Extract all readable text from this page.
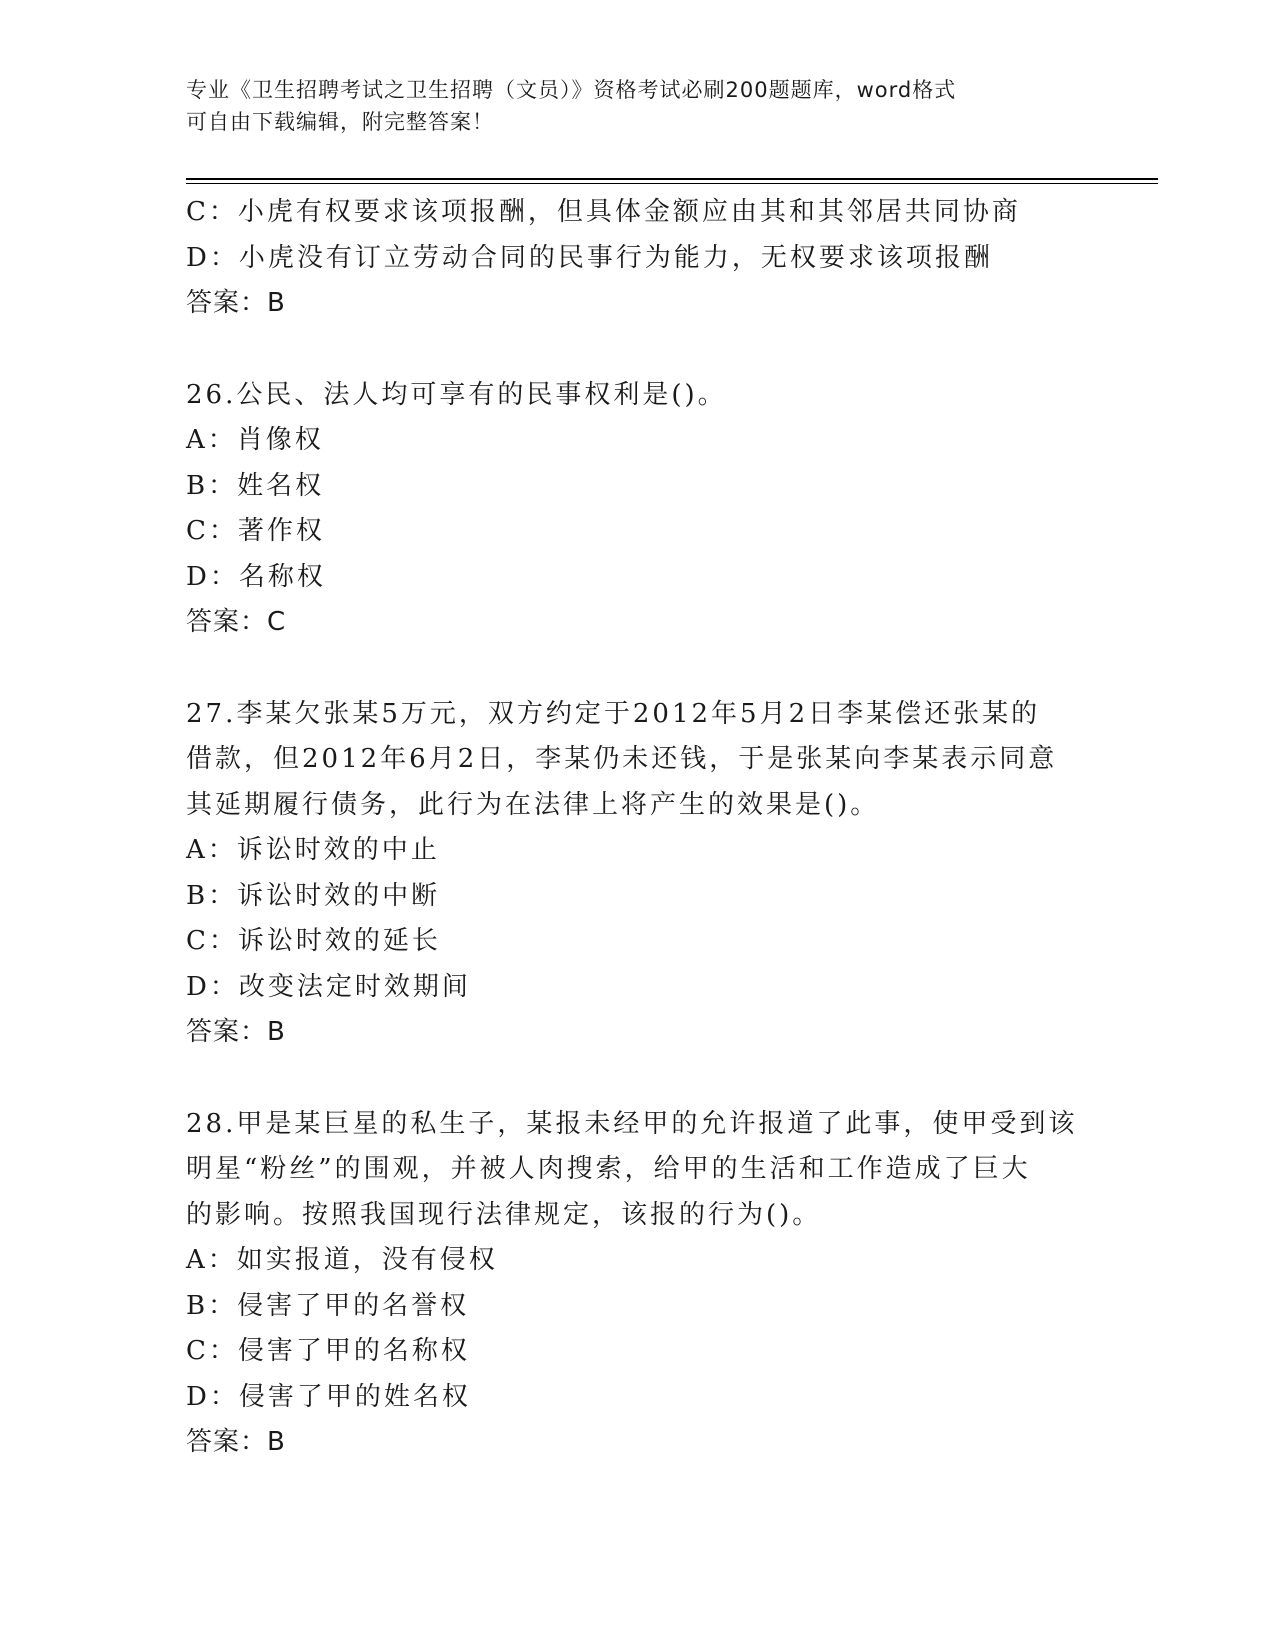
专业《卫生招聘考试之卫生招聘（文员）》资格考试必刷200题题库，word格式
可自由下载编辑，附完整答案！
C：小虎有权要求该项报酬，但具体金额应由其和其邻居共同协商
D：小虎没有订立劳动合同的民事行为能力，无权要求该项报酬
答案：B
26.公民、法人均可享有的民事权利是()。
A：肖像权
B：姓名权
C：著作权
D：名称权
答案：C
27.李某欠张某5万元，双方约定于2012年5月2日李某偿还张某的
借款，但2012年6月2日，李某仍未还钱，于是张某向李某表示同意
其延期履行债务，此行为在法律上将产生的效果是()。
A：诉讼时效的中止
B：诉讼时效的中断
C：诉讼时效的延长
D：改变法定时效期间
答案：B
28.甲是某巨星的私生子，某报未经甲的允许报道了此事，使甲受到该
明星“粉丝”的围观，并被人肉搜索，给甲的生活和工作造成了巨大
的影响。按照我国现行法律规定，该报的行为()。
A：如实报道，没有侵权
B：侵害了甲的名誉权
C：侵害了甲的名称权
D：侵害了甲的姓名权
答案：B
